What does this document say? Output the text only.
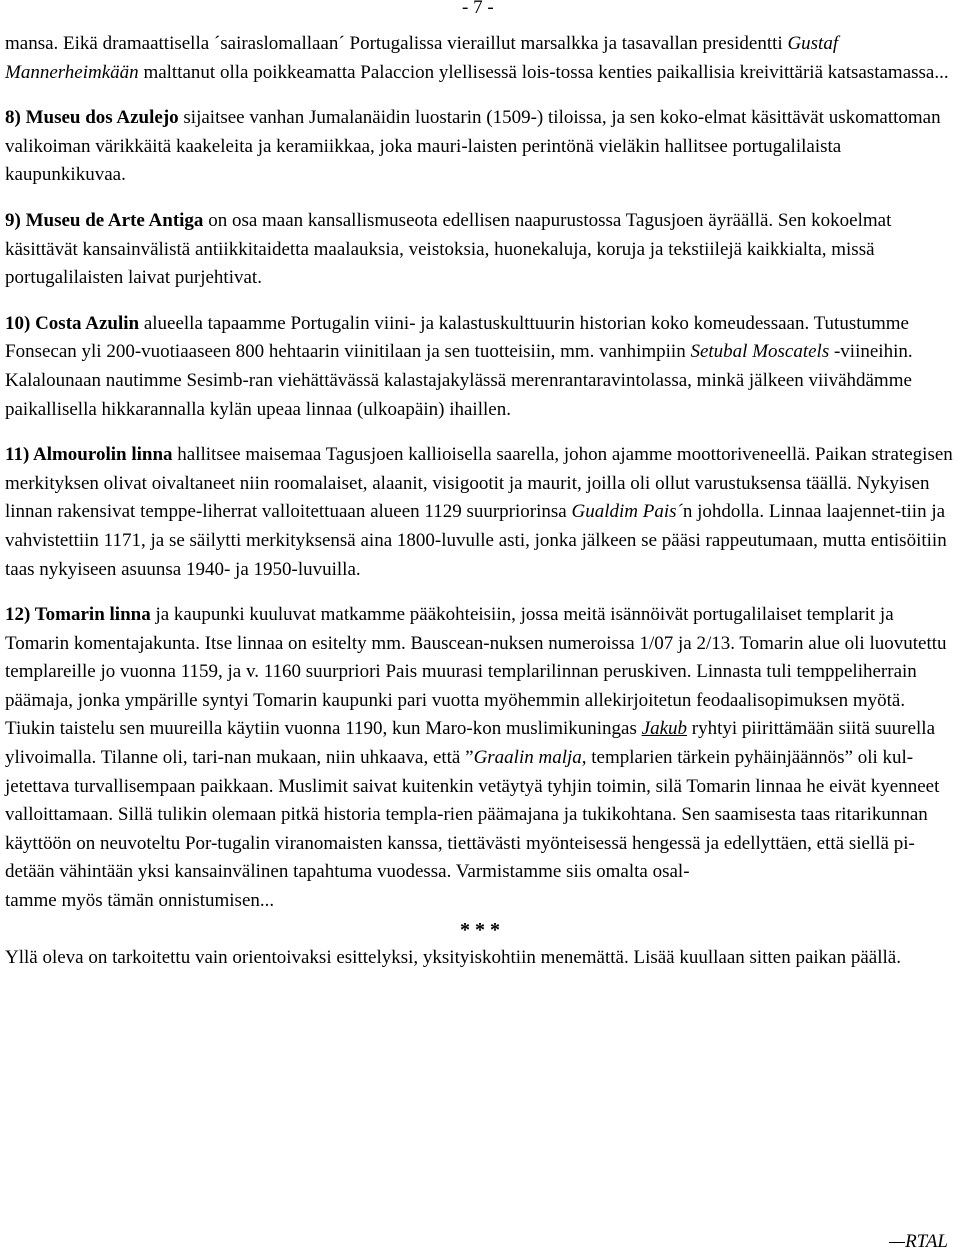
- 7 -

mansa. Eikä dramaattisella ´sairaslomallaan´ Portugalissa vieraillut marsalkka ja tasavallan presidentti Gustaf Mannerheimkään malttanut olla poikkeamatta Palaccion ylellisessä lois-tossa kenties paikallisia kreivittäriä katsastamassa...

8) Museu dos Azulejo sijaitsee vanhan Jumalanäidin luostarin (1509-) tiloissa, ja sen koko-elmat käsittävät uskomattoman valikoiman värikkäitä kaakeleita ja keramiikkaa, joka mauri-laisten perintönä vieläkin hallitsee portugalilaista kaupunkikuvaa.

9) Museu de Arte Antiga on osa maan kansallismuseota edellisen naapurustossa Tagusjoen äyräällä. Sen kokoelmat käsittävät kansainvälistä antiikkitaidetta maalauksia, veistoksia, huonekaluja, koruja ja tekstiilejä kaikkialta, missä portugalilaisten laivat purjehtivat.

10) Costa Azulin alueella tapaamme Portugalin viini- ja kalastuskulttuurin historian koko komeudessaan. Tutustumme Fonsecan yli 200-vuotiaaseen 800 hehtaarin viinitilaan ja sen tuotteisiin, mm. vanhimpiin Setubal Moscatels -viineihin. Kalalounaan nautimme Sesimb-ran viehättävässä kalastajakylässä merenrantaravintolassa, minkä jälkeen viivähdämme paikallisella hikkarannalla kylän upeaa linnaa (ulkoapäin) ihaillen.

11) Almourolin linna hallitsee maisemaa Tagusjoen kallioisella saarella, johon ajamme moottoriveneellä. Paikan strategisen merkityksen olivat oivaltaneet niin roomalaiset, alaanit, visigootit ja maurit, joilla oli ollut varustuksensa täällä. Nykyisen linnan rakensivat temppe-liherrat valloitettuaan alueen 1129 suurpriorinsa Gualdim Pais´n johdolla. Linnaa laajennet-tiin ja vahvistettiin 1171, ja se säilytti merkityksensä aina 1800-luvulle asti, jonka jälkeen se pääsi rappeutumaan, mutta entisöitiin taas nykyiseen asuunsa 1940- ja 1950-luvuilla.

12) Tomarin linna ja kaupunki kuuluvat matkamme pääkohteisiin, jossa meitä isännöivät portugalilaiset templarit ja Tomarin komentajakunta. Itse linnaa on esitelty mm. Bauscean-nuksen numeroissa 1/07 ja 2/13. Tomarin alue oli luovutettu templareille jo vuonna 1159, ja v. 1160 suurpriori Pais muurasi templarilinnan peruskiven. Linnasta tuli temppeliherrain päämaja, jonka ympärille syntyi Tomarin kaupunki pari vuotta myöhemmin allekirjoitetun feodaalisopimuksen myötä. Tiukin taistelu sen muureilla käytiin vuonna 1190, kun Maro-kon muslimikuningas Jakub ryhtyi piirittämään siitä suurella ylivoimalla. Tilanne oli, tari-nan mukaan, niin uhkaava, että ”Graalin malja, templarien tärkein pyhäinjäännös” oli kul-jetettava turvallisempaan paikkaan. Muslimit saivat kuitenkin vetäytyä tyhjin toimin, silä Tomarin linnaa he eivät kyenneet valloittamaan. Sillä tulikin olemaan pitkä historia templa-rien päämajana ja tukikohtana. Sen saamisesta taas ritarikunnan käyttöön on neuvoteltu Por-tugalin viranomaisten kanssa, tiettävästi myönteisessä hengessä ja edellyttäen, että siellä pi-detään vähintään yksi kansainvälinen tapahtuma vuodessa. Varmistamme siis omalta osal-
tamme myös tämän onnistumisen...

* * *

Yllä oleva on tarkoitettu vain orientoivaksi esittelyksi, yksityiskohtiin menemättä. Lisää kuullaan sitten paikan päällä.

RTAL
